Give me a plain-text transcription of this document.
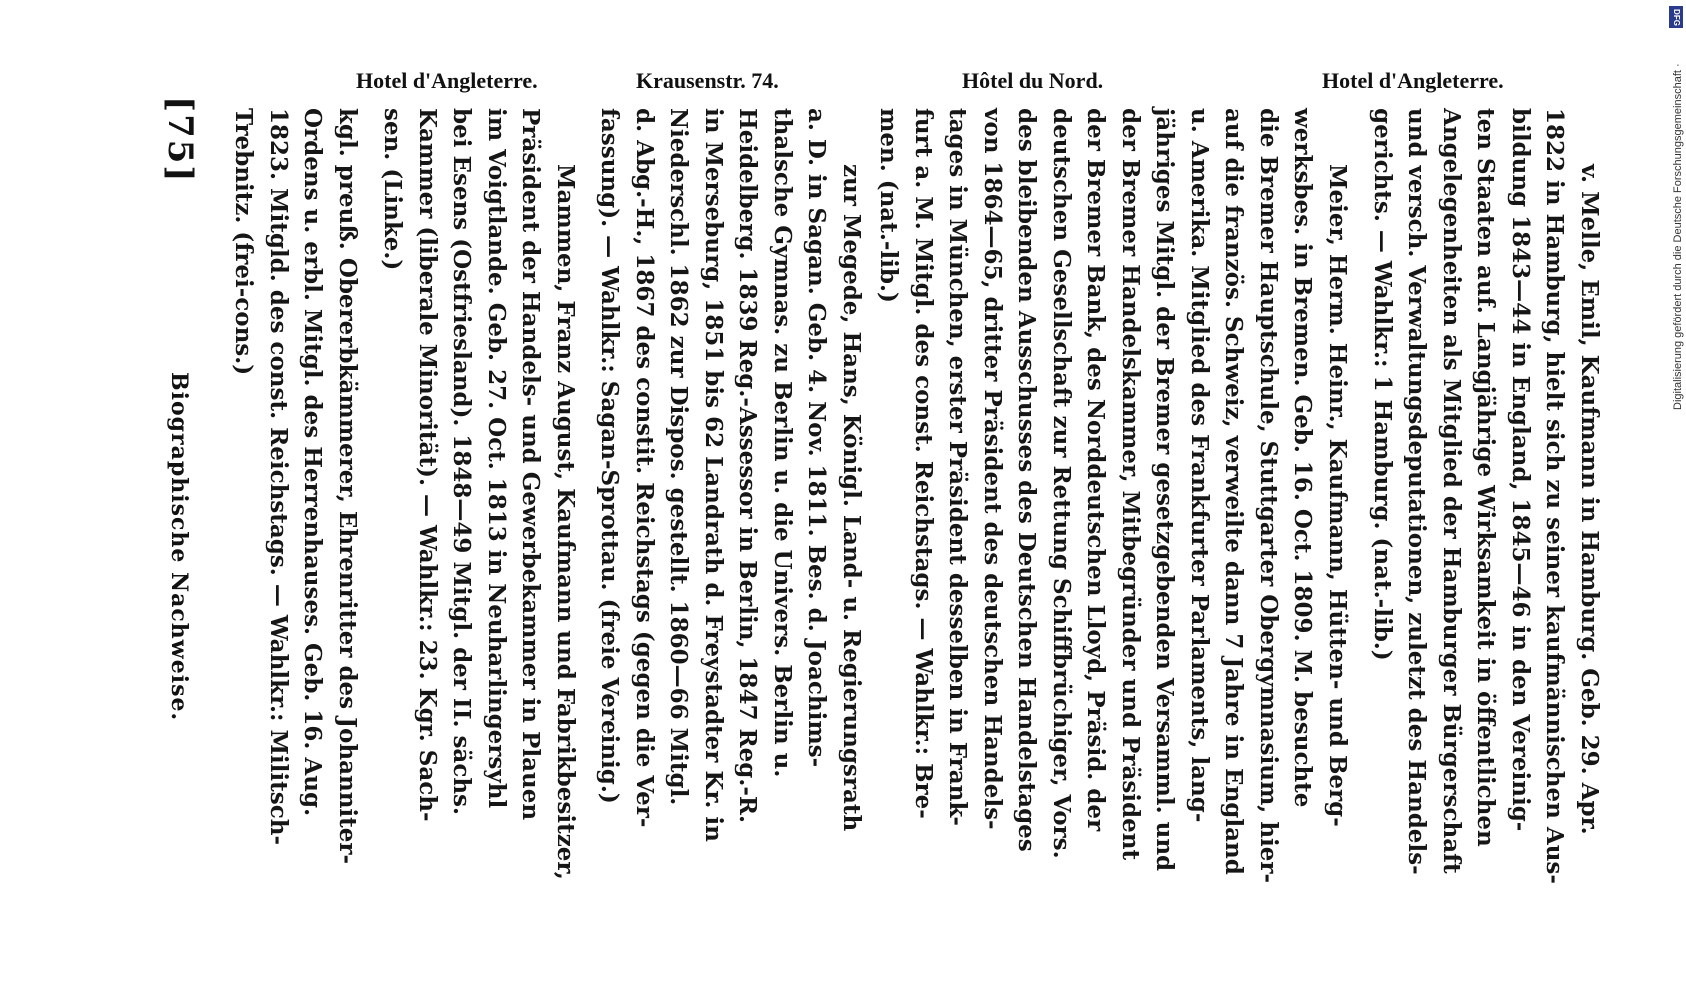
Hotel d'Angleterre.	Krausenstr. 74.	Hôtel du Nord.	Hotel d'Angleterre.
[75]
Biographische Nachweise.	kgl. preuß. Obererbkämmerer, Ehrenritter des Johanniter-
Ordens u. erbl. Mitgl. des Herrenhauses. Geb. 16. Aug.
1823. Mitgld. des const. Reichstags. — Wahlkr.: Militsch-
Trebnitz. (frei-cons.)	Mammen, Franz August, Kaufmann und Fabrikbesitzer,
Präsident der Handels- und Gewerbekammer in Plauen
im Voigtlande. Geb. 27. Oct. 1813 in Neuharlingersyhl
bei Esens (Ostfriesland). 1848—49 Mitgl. der II. sächs.
Kammer (liberale Minorität). — Wahlkr.: 23. Kgr. Sach-
sen. (Linke.)	zur Megede, Hans, Königl. Land- u. Regierungsrath
a. D. in Sagan. Geb. 4. Nov. 1811. Bes. d. Joachims-
thalsche Gymnas. zu Berlin u. die Univers. Berlin u.
Heidelberg. 1839 Reg.-Assessor in Berlin, 1847 Reg.-R.
in Merseburg, 1851 bis 62 Landrath d. Freystadter Kr. in
Niederschl. 1862 zur Dispos. gestellt. 1860—66 Mitgl.
d. Abg.-H., 1867 des constit. Reichstags (gegen die Ver-
fassung). — Wahlkr.: Sagan-Sprottau. (freie Vereinig.)	Meier, Herm. Heinr., Kaufmann, Hütten- und Berg-
werksbes. in Bremen. Geb. 16. Oct. 1809. M. besuchte
die Bremer Hauptschule, Stuttgarter Obergymnasium, hier-
auf die französ. Schweiz, verweilte dann 7 Jahre in England
u. Amerika. Mitglied des Frankfurter Parlaments, lang-
jähriges Mitgl. der Bremer gesetzgebenden Versamml. und
der Bremer Handelskammer, Mitbegründer und Präsident
der Bremer Bank, des Norddeutschen Lloyd, Präsid. der
deutschen Gesellschaft zur Rettung Schiffbrüchiger, Vors.
des bleibenden Ausschusses des Deutschen Handelstages
von 1864—65, dritter Präsident des deutschen Handels-
tages in München, erster Präsident desselben in Frank-
furt a. M. Mitgl. des const. Reichstags. — Wahlkr.: Bre-
men. (nat.-lib.)	v. Melle, Emil, Kaufmann in Hamburg. Geb. 29. Apr.
1822 in Hamburg, hielt sich zu seiner kaufmännischen Aus-
bildung 1843—44 in England, 1845—46 in den Vereinig-
ten Staaten auf. Langjährige Wirksamkeit in öffentlichen
Angelegenheiten als Mitglied der Hamburger Bürgerschaft
und versch. Verwaltungsdeputationen, zuletzt des Handels-
gerichts. — Wahlkr.: 1 Hamburg. (nat.-lib.)	Digitalisierung gefördert durch die Deutsche Forschungsgemeinschaft ·
DFG
